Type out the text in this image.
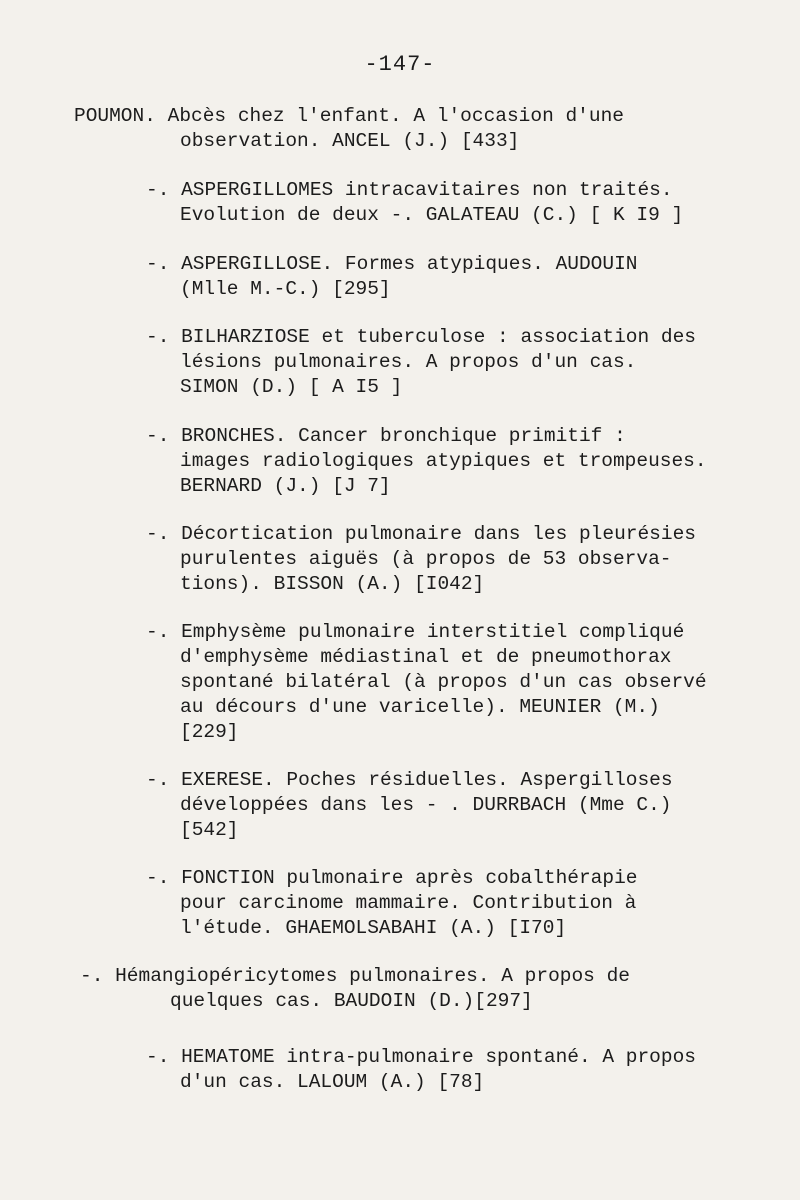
-147-
POUMON. Abcès chez l'enfant. A l'occasion d'une
observation. ANCEL (J.) [433]
-. ASPERGILLOMES intracavitaires non traités.
Evolution de deux -. GALATEAU (C.) [ K I9 ]
-. ASPERGILLOSE. Formes atypiques. AUDOUIN
(Mlle M.-C.) [295]
-. BILHARZIOSE et tuberculose : association des
lésions pulmonaires. A propos d'un cas.
SIMON (D.) [ A I5 ]
-. BRONCHES. Cancer bronchique primitif :
images radiologiques atypiques et trompeuses.
BERNARD (J.) [J 7]
-. Décortication pulmonaire dans les pleurésies
purulentes aiguës (à propos de 53 observa-
tions). BISSON (A.) [I042]
-. Emphysème pulmonaire interstitiel compliqué
d'emphysème médiastinal et de pneumothorax
spontané bilatéral (à propos d'un cas observé
au décours d'une varicelle). MEUNIER (M.)
[229]
-. EXERESE. Poches résiduelles. Aspergilloses
développées dans les - . DURRBACH (Mme C.)
[542]
-. FONCTION pulmonaire après cobalthérapie
pour carcinome mammaire. Contribution à
l'étude. GHAEMOLSABAHI (A.) [I70]
-. Hémangiopéricytomes pulmonaires. A propos de
quelques cas. BAUDOIN (D.)[297]
-. HEMATOME intra-pulmonaire spontané. A propos
d'un cas. LALOUM (A.) [78]
